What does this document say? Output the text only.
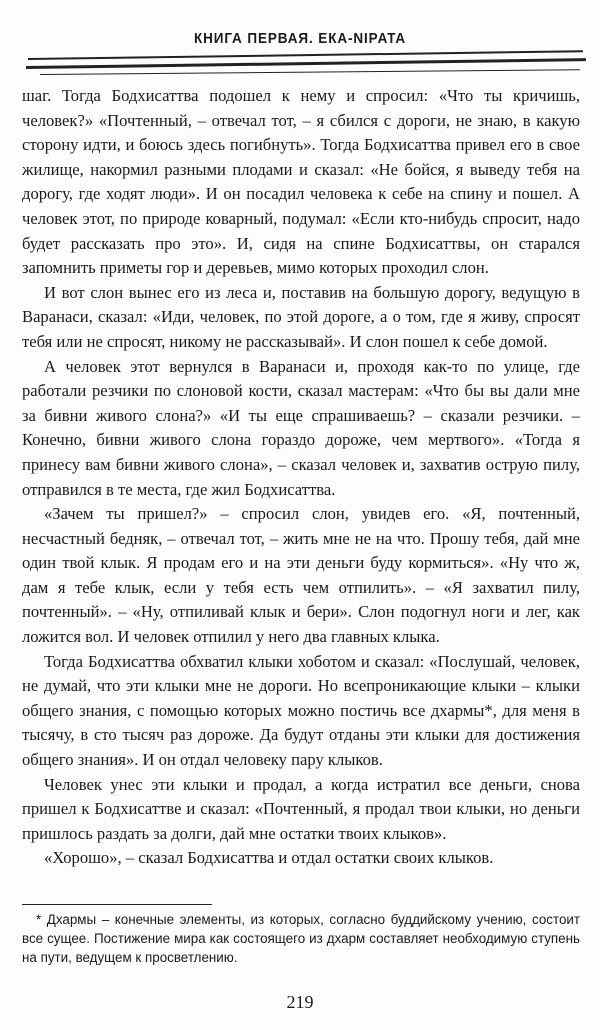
КНИГА ПЕРВАЯ. ЕКА-NIPATA

шаг. Тогда Бодхисаттва подошел к нему и спросил: «Что ты кричишь, человек?» «Почтенный, – отвечал тот, – я сбился с дороги, не знаю, в какую сторону идти, и боюсь здесь погибнуть». Тогда Бодхисаттва привел его в свое жилище, накормил разными плодами и сказал: «Не бойся, я выведу тебя на дорогу, где ходят люди». И он посадил человека к себе на спину и пошел. А человек этот, по природе коварный, подумал: «Если кто-нибудь спросит, надо будет рассказать про это». И, сидя на спине Бодхисаттвы, он старался запомнить приметы гор и деревьев, мимо которых проходил слон.

И вот слон вынес его из леса и, поставив на большую дорогу, ведущую в Варанаси, сказал: «Иди, человек, по этой дороге, а о том, где я живу, спросят тебя или не спросят, никому не рассказывай». И слон пошел к себе домой.

А человек этот вернулся в Варанаси и, проходя как-то по улице, где работали резчики по слоновой кости, сказал мастерам: «Что бы вы дали мне за бивни живого слона?» «И ты еще спрашиваешь? – сказали резчики. – Конечно, бивни живого слона гораздо дороже, чем мертвого». «Тогда я принесу вам бивни живого слона», – сказал человек и, захватив острую пилу, отправился в те места, где жил Бодхисаттва.

«Зачем ты пришел?» – спросил слон, увидев его. «Я, почтенный, несчастный бедняк, – отвечал тот, – жить мне не на что. Прошу тебя, дай мне один твой клык. Я продам его и на эти деньги буду кормиться». «Ну что ж, дам я тебе клык, если у тебя есть чем отпилить». – «Я захватил пилу, почтенный». – «Ну, отпиливай клык и бери». Слон подогнул ноги и лег, как ложится вол. И человек отпилил у него два главных клыка.

Тогда Бодхисаттва обхватил клыки хоботом и сказал: «Послушай, человек, не думай, что эти клыки мне не дороги. Но всепроникающие клыки – клыки общего знания, с помощью которых можно постичь все дхармы*, для меня в тысячу, в сто тысяч раз дороже. Да будут отданы эти клыки для достижения общего знания». И он отдал человеку пару клыков.

Человек унес эти клыки и продал, а когда истратил все деньги, снова пришел к Бодхисаттве и сказал: «Почтенный, я продал твои клыки, но деньги пришлось раздать за долги, дай мне остатки твоих клыков».

«Хорошо», – сказал Бодхисаттва и отдал остатки своих клыков.

* Дхармы – конечные элементы, из которых, согласно буддийскому учению, состоит все сущее. Постижение мира как состоящего из дхарм составляет необходимую ступень на пути, ведущем к просветлению.
219
